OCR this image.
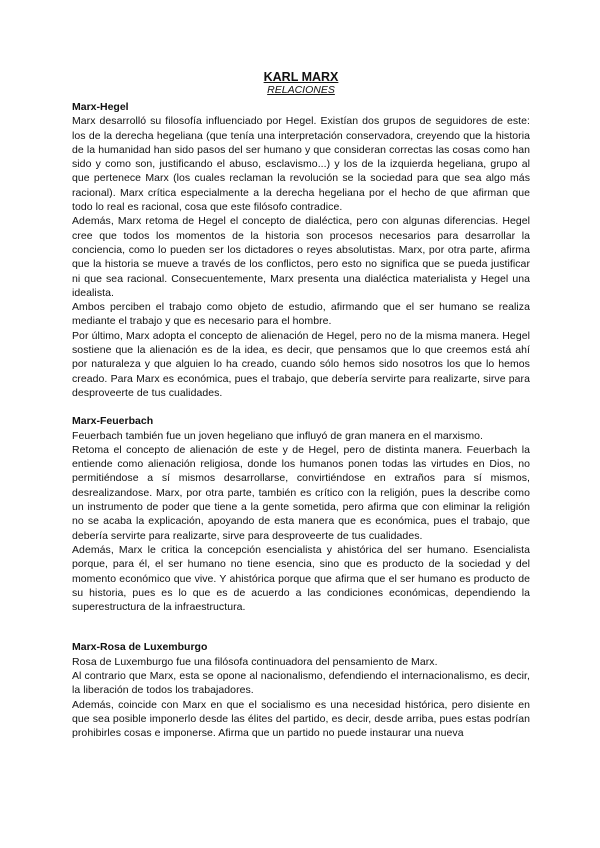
KARL MARX
RELACIONES
Marx-Hegel

Marx desarrolló su filosofía influenciado por Hegel. Existían dos grupos de seguidores de este: los de la derecha hegeliana (que tenía una interpretación conservadora, creyendo que la historia de la humanidad han sido pasos del ser humano y que consideran correctas las cosas como han sido y como son, justificando el abuso, esclavismo...) y los de la izquierda hegeliana, grupo al que pertenece Marx (los cuales reclaman la revolución se la sociedad para que sea algo más racional). Marx crítica especialmente a la derecha hegeliana por el hecho de que afirman que todo lo real es racional, cosa que este filósofo contradice.

Además, Marx retoma de Hegel el concepto de dialéctica, pero con algunas diferencias. Hegel cree que todos los momentos de la historia son procesos necesarios para desarrollar la conciencia, como lo pueden ser los dictadores o reyes absolutistas. Marx, por otra parte, afirma que la historia se mueve a través de los conflictos, pero esto no significa que se pueda justificar ni que sea racional. Consecuentemente, Marx presenta una dialéctica materialista y Hegel una idealista.

Ambos perciben el trabajo como objeto de estudio, afirmando que el ser humano se realiza mediante el trabajo y que es necesario para el hombre.

Por último, Marx adopta el concepto de alienación de Hegel, pero no de la misma manera. Hegel sostiene que la alienación es de la idea, es decir, que pensamos que lo que creemos está ahí por naturaleza y que alguien lo ha creado, cuando sólo hemos sido nosotros los que lo hemos creado. Para Marx es económica, pues el trabajo, que debería servirte para realizarte, sirve para desproveerte de tus cualidades.

Marx-Feuerbach

Feuerbach también fue un joven hegeliano que influyó de gran manera en el marxismo.

Retoma el concepto de alienación de este y de Hegel, pero de distinta manera. Feuerbach la entiende como alienación religiosa, donde los humanos ponen todas las virtudes en Dios, no permitiéndose a sí mismos desarrollarse, convirtiéndose en extraños para sí mismos, desrealizandose. Marx, por otra parte, también es crítico con la religión, pues la describe como un instrumento de poder que tiene a la gente sometida, pero afirma que con eliminar la religión no se acaba la explicación, apoyando de esta manera que es económica, pues el trabajo, que debería servirte para realizarte, sirve para desproveerte de tus cualidades.

Además, Marx le critica la concepción esencialista y ahistórica del ser humano. Esencialista porque, para él, el ser humano no tiene esencia, sino que es producto de la sociedad y del momento económico que vive. Y ahistórica porque que afirma que el ser humano es producto de su historia, pues es lo que es de acuerdo a las condiciones económicas, dependiendo la superestructura de la infraestructura.

Marx-Rosa de Luxemburgo

Rosa de Luxemburgo fue una filósofa continuadora del pensamiento de Marx.

Al contrario que Marx, esta se opone al nacionalismo, defendiendo el internacionalismo, es decir, la liberación de todos los trabajadores.

Además, coincide con Marx en que el socialismo es una necesidad histórica, pero disiente en que sea posible imponerlo desde las élites del partido, es decir, desde arriba, pues estas podrían prohibirles cosas e imponerse. Afirma que un partido no puede instaurar una nueva
